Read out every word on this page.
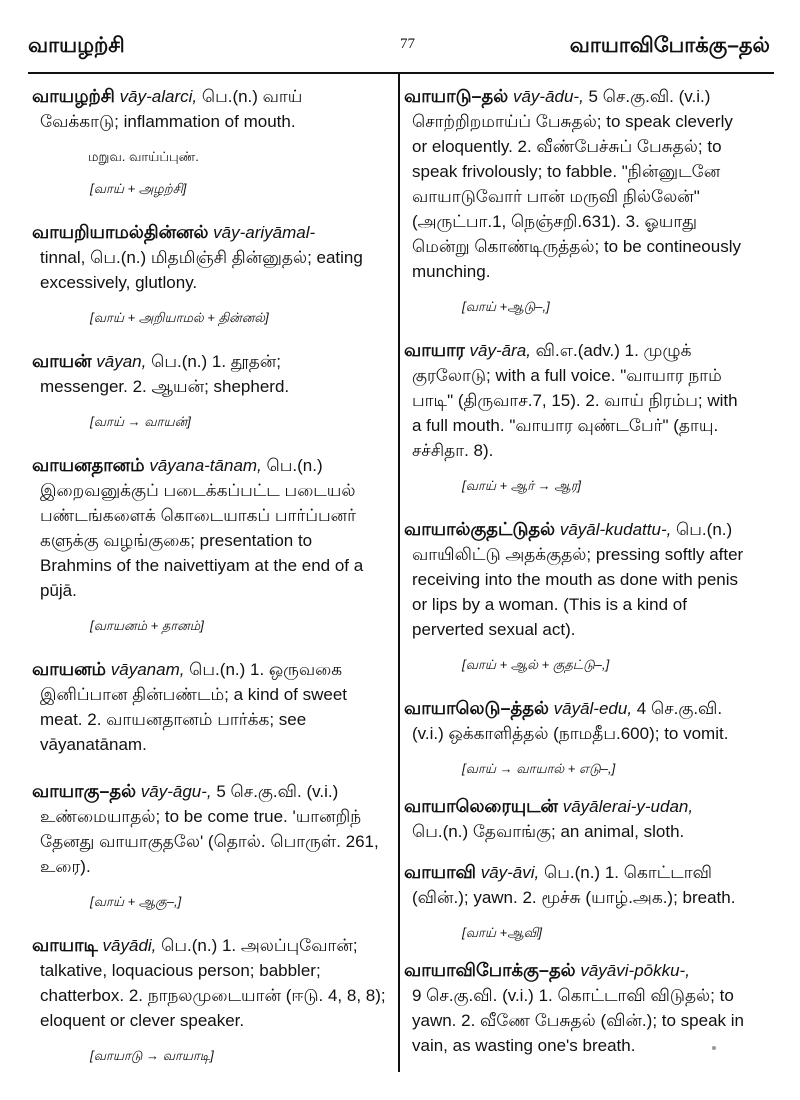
வாயழற்சி	77	வாயாவிபோக்கு–தல்
வாயழற்சி vāy-alarci, பெ.(n.) வாய்
வேக்காடு; inflammation of mouth.
மறுவ. வாய்ப்புண்.
[வாய் + அழற்சி]
வாயறியாமல்தின்னல் vāy-ariyāmal-
tinnal, பெ.(n.) மிதமிஞ்சி தின்னுதல்; eating excessively, glutlony.
[வாய் + அறியாமல் + தின்னல்]
வாயன் vāyan, பெ.(n.) 1. தூதன்;
messenger. 2. ஆயன்; shepherd.
[வாய் → வாயன்]
வாயனதானம் vāyana-tānam, பெ.(n.)
இறைவனுக்குப் படைக்கப்பட்ட படையல் பண்டங்களைக் கொடையாகப் பார்ப்பனர் களுக்கு வழங்குகை; presentation to Brahmins of the naivettiyam at the end of a pūjā.
[வாயனம் + தானம்]
வாயனம் vāyanam, பெ.(n.) 1. ஒருவகை
இனிப்பான தின்பண்டம்; a kind of sweet meat. 2. வாயனதானம் பார்க்க; see vāyanatānam.
வாயாகு–தல் vāy-āgu-, 5 செ.கு.வி. (v.i.)
உண்மையாதல்; to be come true. 'யானறிந் தேனது வாயாகுதலே' (தொல். பொருள். 261, உரை).
[வாய் + ஆகு–,]
வாயாடி vāyādi, பெ.(n.) 1. அலப்புவோன்;
talkative, loquacious person; babbler; chatterbox. 2. நாநலமுடையான் (ஈடு. 4, 8, 8); eloquent or clever speaker.
[வாயாடு → வாயாடி]
வாயாடு–தல் vāy-ādu-, 5 செ.கு.வி. (v.i.)
சொற்றிறமாய்ப் பேசுதல்; to speak cleverly or eloquently. 2. வீண்பேச்சுப் பேசுதல்; to speak frivolously; to fabble. "நின்னுடனே வாயாடுவோர் பான் மருவி நில்லேன்" (அருட்பா.1, நெஞ்சறி.631). 3. ஓயாது மென்று கொண்டிருத்தல்; to be contineously munching.
[வாய் +ஆடு–,]
வாயார vāy-āra, வி.எ.(adv.) 1. முழுக்
குரலோடு; with a full voice. "வாயார நாம் பாடி" (திருவாச.7, 15). 2. வாய் நிரம்ப; with a full mouth. "வாயார வுண்டபேர்" (தாயு. சச்சிதா. 8).
[வாய் + ஆர் → ஆர]
வாயால்குதட்டுதல் vāyāl-kudattu-, பெ.(n.)
வாயிலிட்டு அதக்குதல்; pressing softly after receiving into the mouth as done with penis or lips by a woman. (This is a kind of perverted sexual act).
[வாய் + ஆல் + குதட்டு–,]
வாயாலெடு–த்தல் vāyāl-edu, 4 செ.கு.வி.
(v.i.) ஒக்காளித்தல் (நாமதீப.600); to vomit.
[வாய் → வாயால் + எடு–,]
வாயாலெரையுடன் vāyālerai-y-udan,
பெ.(n.) தேவாங்கு; an animal, sloth.
வாயாவி vāy-āvi, பெ.(n.) 1. கொட்டாவி
(வின்.); yawn. 2. மூச்சு (யாழ்.அக.); breath.
[வாய் +ஆவி]
வாயாவிபோக்கு–தல் vāyāvi-pōkku-,
9 செ.கு.வி. (v.i.) 1. கொட்டாவி விடுதல்; to yawn. 2. வீணே பேசுதல் (வின்.); to speak in vain, as wasting one's breath.
